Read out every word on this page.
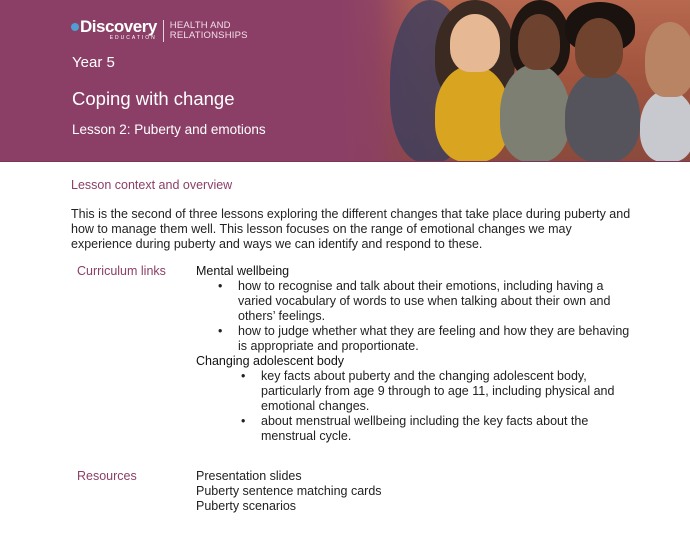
Discovery
EDUCATION
HEALTH AND
RELATIONSHIPS
Year 5
Coping with change
Lesson 2: Puberty and emotions
Lesson context and overview

This is the second of three lessons exploring the different changes that take place during puberty and how to manage them well. This lesson focuses on the range of emotional changes we may experience during puberty and ways we can identify and respond to these.

Curriculum links Mental wellbeing
• how to recognise and talk about their emotions, including having a varied vocabulary of words to use when talking about their own and others’ feelings.
• how to judge whether what they are feeling and how they are behaving is appropriate and proportionate.
Changing adolescent body
• key facts about puberty and the changing adolescent body, particularly from age 9 through to age 11, including physical and emotional changes.
• about menstrual wellbeing including the key facts about the menstrual cycle.
Resources	Presentation slides
Puberty sentence matching cards
Puberty scenarios
